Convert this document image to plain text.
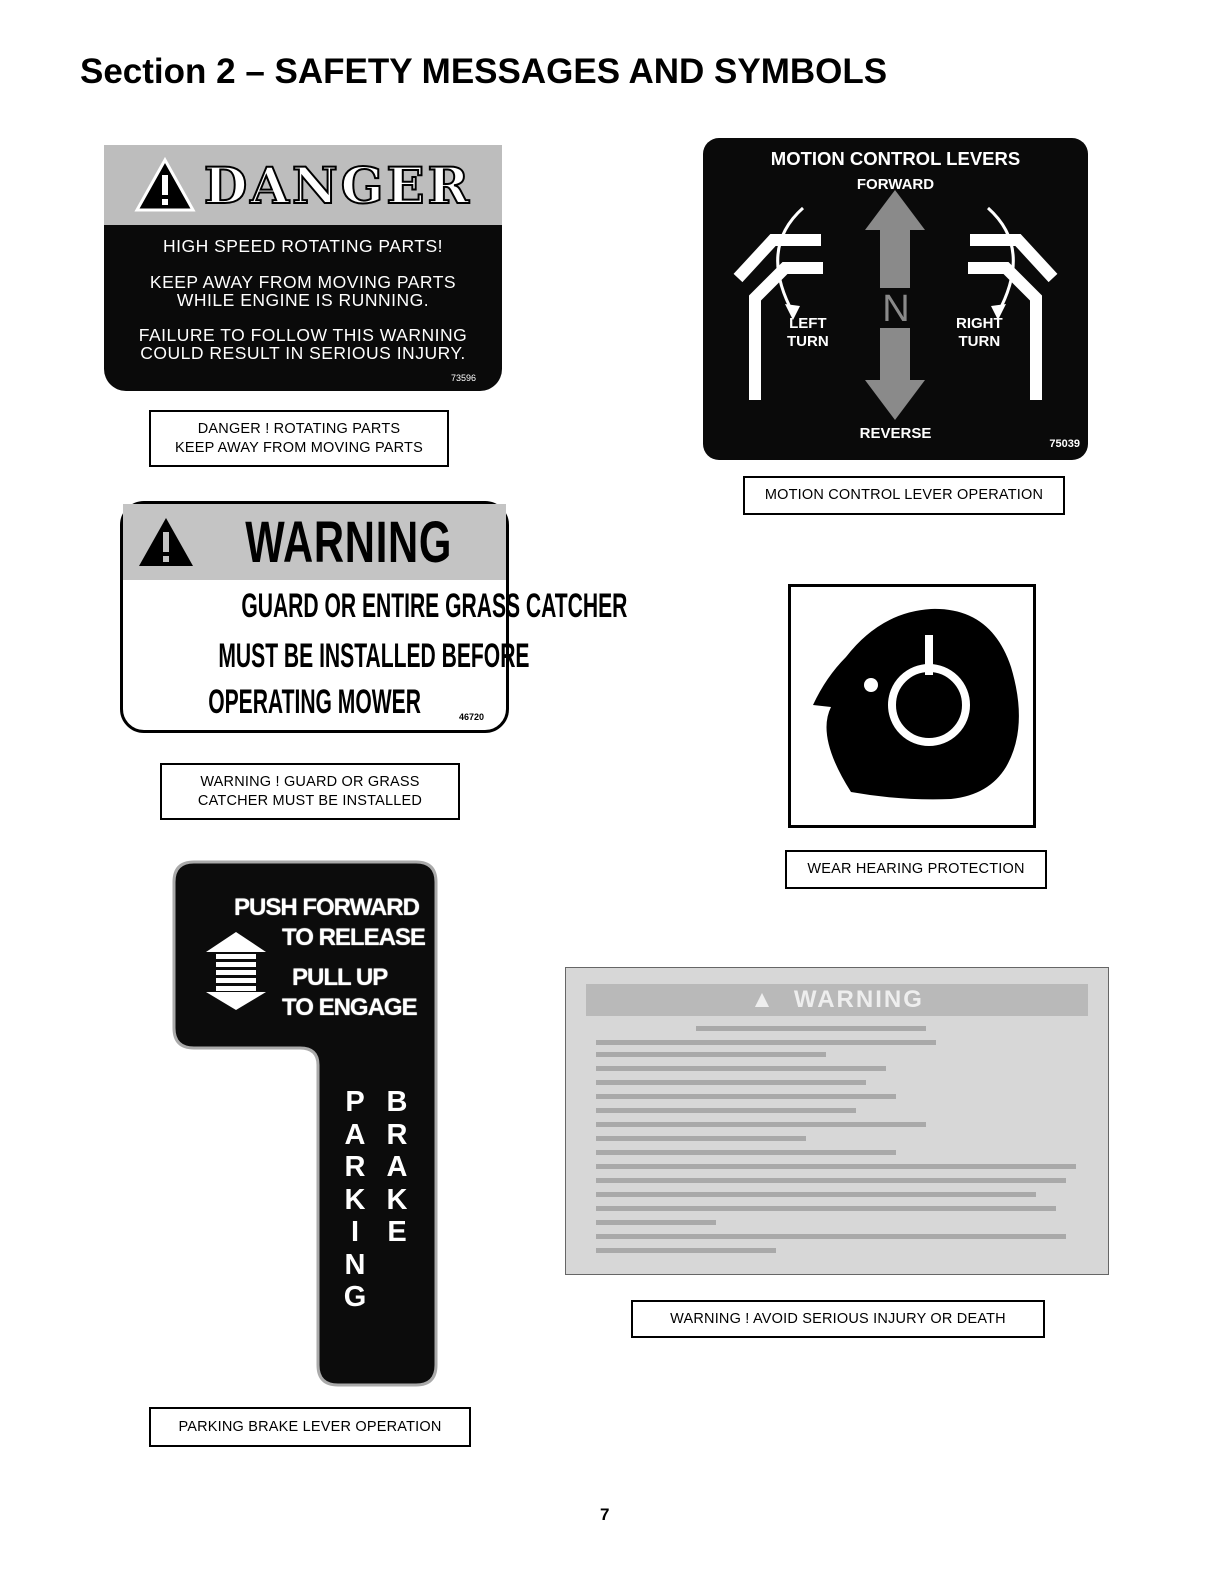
Section 2 – SAFETY MESSAGES AND SYMBOLS
DANGER
HIGH SPEED ROTATING PARTS!
KEEP AWAY FROM MOVING PARTS
WHILE ENGINE IS RUNNING.
FAILURE TO FOLLOW THIS WARNING
COULD RESULT IN SERIOUS INJURY.
73596
DANGER ! ROTATING PARTS
KEEP AWAY FROM MOVING PARTS
WARNING
GUARD OR ENTIRE GRASS CATCHER
MUST BE INSTALLED BEFORE
OPERATING MOWER	46720
WARNING ! GUARD OR GRASS
CATCHER MUST BE INSTALLED
PUSH FORWARD
TO RELEASE
PULL UP
TO ENGAGE
P
A
R
K
I
N
G
B
R
A
K
E
PARKING BRAKE LEVER OPERATION
MOTION CONTROL LEVERS
FORWARD
N
LEFT
TURN
RIGHT
TURN
REVERSE
75039
MOTION CONTROL LEVER OPERATION
WEAR HEARING PROTECTION
▲ WARNING
WARNING ! AVOID SERIOUS INJURY OR DEATH
7
